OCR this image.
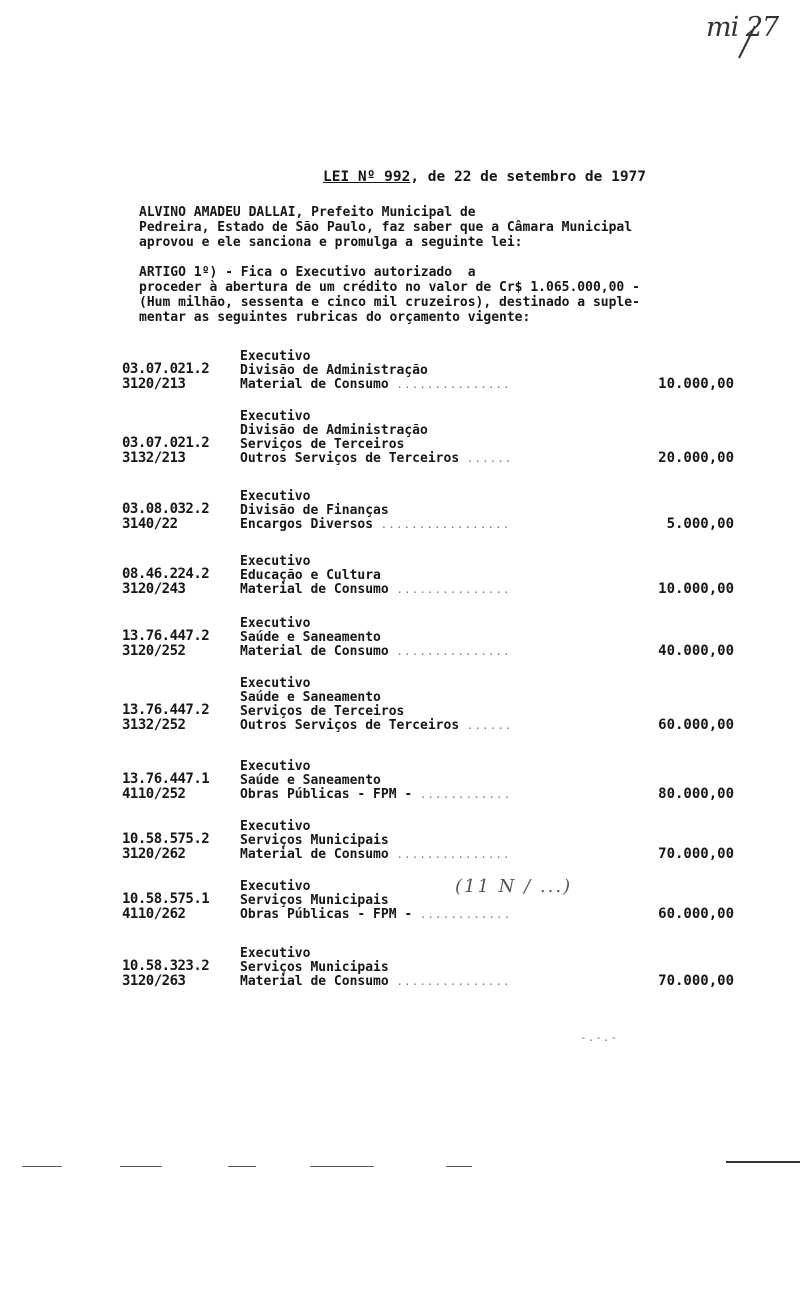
mi 27
LEI Nº 992, de 22 de setembro de 1977
ALVINO AMADEU DALLAI, Prefeito Municipal de
Pedreira, Estado de São Paulo, faz saber que a Câmara Municipal
aprovou e ele sanciona e promulga a seguinte lei:
ARTIGO 1º) - Fica o Executivo autorizado  a
proceder à abertura de um crédito no valor de Cr$ 1.065.000,00 -
(Hum milhão, sessenta e cinco mil cruzeiros), destinado a suple-
mentar as seguintes rubricas do orçamento vigente:
03.07.021.2
3120/213
Executivo
Divisão de Administração
Material de Consumo ...............	10.000,00
03.07.021.2
3132/213
Executivo
Divisão de Administração
Serviços de Terceiros
Outros Serviços de Terceiros ......	20.000,00
03.08.032.2
3140/22
Executivo
Divisão de Finanças
Encargos Diversos .................	5.000,00
08.46.224.2
3120/243
Executivo
Educação e Cultura
Material de Consumo ...............	10.000,00
13.76.447.2
3120/252
Executivo
Saúde e Saneamento
Material de Consumo ...............	40.000,00
13.76.447.2
3132/252
Executivo
Saúde e Saneamento
Serviços de Terceiros
Outros Serviços de Terceiros ......	60.000,00
13.76.447.1
4110/252
Executivo
Saúde e Saneamento
Obras Públicas - FPM - ............	80.000,00
10.58.575.2
3120/262
Executivo
Serviços Municipais
Material de Consumo ...............	70.000,00
10.58.575.1
4110/262
Executivo
Serviços Municipais
Obras Públicas - FPM - ............	60.000,00
10.58.323.2
3120/263
Executivo
Serviços Municipais
Material de Consumo ...............	70.000,00
(11 N / ...)
-.-.-
